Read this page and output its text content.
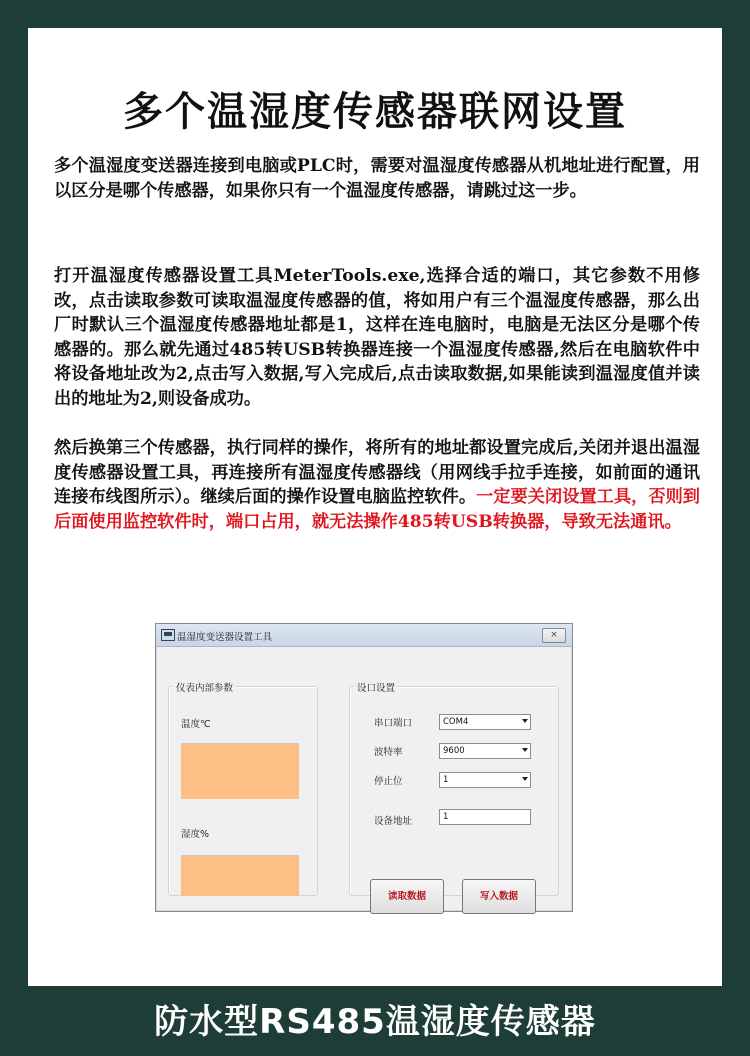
多个温湿度传感器联网设置

多个温湿度变送器连接到电脑或PLC时，需要对温湿度传感器从机地址进行配置，用以区分是哪个传感器，如果你只有一个温湿度传感器，请跳过这一步。

打开温湿度传感器设置工具MeterTools.exe,选择合适的端口，其它参数不用修改，点击读取参数可读取温湿度传感器的值，将如用户有三个温湿度传感器，那么出厂时默认三个温湿度传感器地址都是1，这样在连电脑时，电脑是无法区分是哪个传感器的。那么就先通过485转USB转换器连接一个温湿度传感器,然后在电脑软件中将设备地址改为2,点击写入数据,写入完成后,点击读取数据,如果能读到温湿度值并读出的地址为2,则设备成功。

然后换第三个传感器，执行同样的操作，将所有的地址都设置完成后,关闭并退出温湿度传感器设置工具，再连接所有温湿度传感器线（用网线手拉手连接，如前面的通讯连接布线图所示）。继续后面的操作设置电脑监控软件。一定要关闭设置工具，否则到后面使用监控软件时，端口占用，就无法操作485转USB转换器，导致无法通讯。

温湿度变送器设置工具	×
仪表内部参数
温度℃
湿度%
设口设置
串口端口	COM4
波特率	9600
停止位	1
设备地址	1
读取数据	写入数据
防水型RS485温湿度传感器
